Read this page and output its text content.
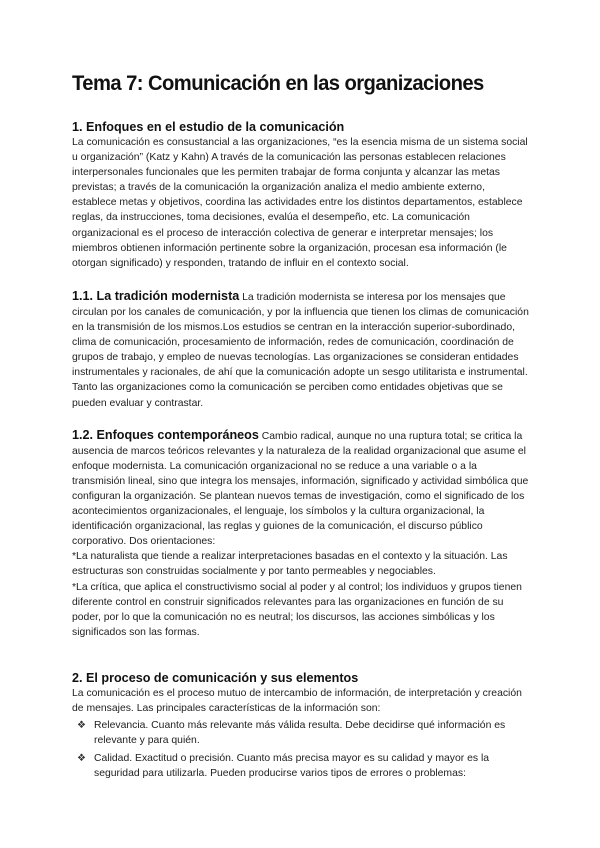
Tema 7: Comunicación en las organizaciones
1. Enfoques en el estudio de la comunicación

La comunicación es consustancial a las organizaciones, “es la esencia misma de un sistema social u organización” (Katz y Kahn) A través de la comunicación las personas establecen relaciones interpersonales funcionales que les permiten trabajar de forma conjunta y alcanzar las metas previstas; a través de la comunicación la organización analiza el medio ambiente externo, establece metas y objetivos, coordina las actividades entre los distintos departamentos, establece reglas, da instrucciones, toma decisiones, evalúa el desempeño, etc. La comunicación organizacional es el proceso de interacción colectiva de generar e interpretar mensajes; los miembros obtienen información pertinente sobre la organización, procesan esa información (le otorgan significado) y responden, tratando de influir en el contexto social.

1.1. La tradición modernista La tradición modernista se interesa por los mensajes que circulan por los canales de comunicación, y por la influencia que tienen los climas de comunicación en la transmisión de los mismos.Los estudios se centran en la interacción superior-subordinado, clima de comunicación, procesamiento de información, redes de comunicación, coordinación de grupos de trabajo, y empleo de nuevas tecnologías. Las organizaciones se consideran entidades instrumentales y racionales, de ahí que la comunicación adopte un sesgo utilitarista e instrumental. Tanto las organizaciones como la comunicación se perciben como entidades objetivas que se pueden evaluar y contrastar.

1.2. Enfoques contemporáneos Cambio radical, aunque no una ruptura total; se critica la ausencia de marcos teóricos relevantes y la naturaleza de la realidad organizacional que asume el enfoque modernista. La comunicación organizacional no se reduce a una variable o a la transmisión lineal, sino que integra los mensajes, información, significado y actividad simbólica que configuran la organización. Se plantean nuevos temas de investigación, como el significado de los acontecimientos organizacionales, el lenguaje, los símbolos y la cultura organizacional, la identificación organizacional, las reglas y guiones de la comunicación, el discurso público corporativo. Dos orientaciones:

*La naturalista que tiende a realizar interpretaciones basadas en el contexto y la situación. Las estructuras son construidas socialmente y por tanto permeables y negociables.

*La crítica, que aplica el constructivismo social al poder y al control; los individuos y grupos tienen diferente control en construir significados relevantes para las organizaciones en función de su poder, por lo que la comunicación no es neutral; los discursos, las acciones simbólicas y los significados son las formas.

2. El proceso de comunicación y sus elementos

La comunicación es el proceso mutuo de intercambio de información, de interpretación y creación de mensajes. Las principales características de la información son:

❖ Relevancia. Cuanto más relevante más válida resulta. Debe decidirse qué información es relevante y para quién.
❖ Calidad. Exactitud o precisión. Cuanto más precisa mayor es su calidad y mayor es la seguridad para utilizarla. Pueden producirse varios tipos de errores o problemas:
